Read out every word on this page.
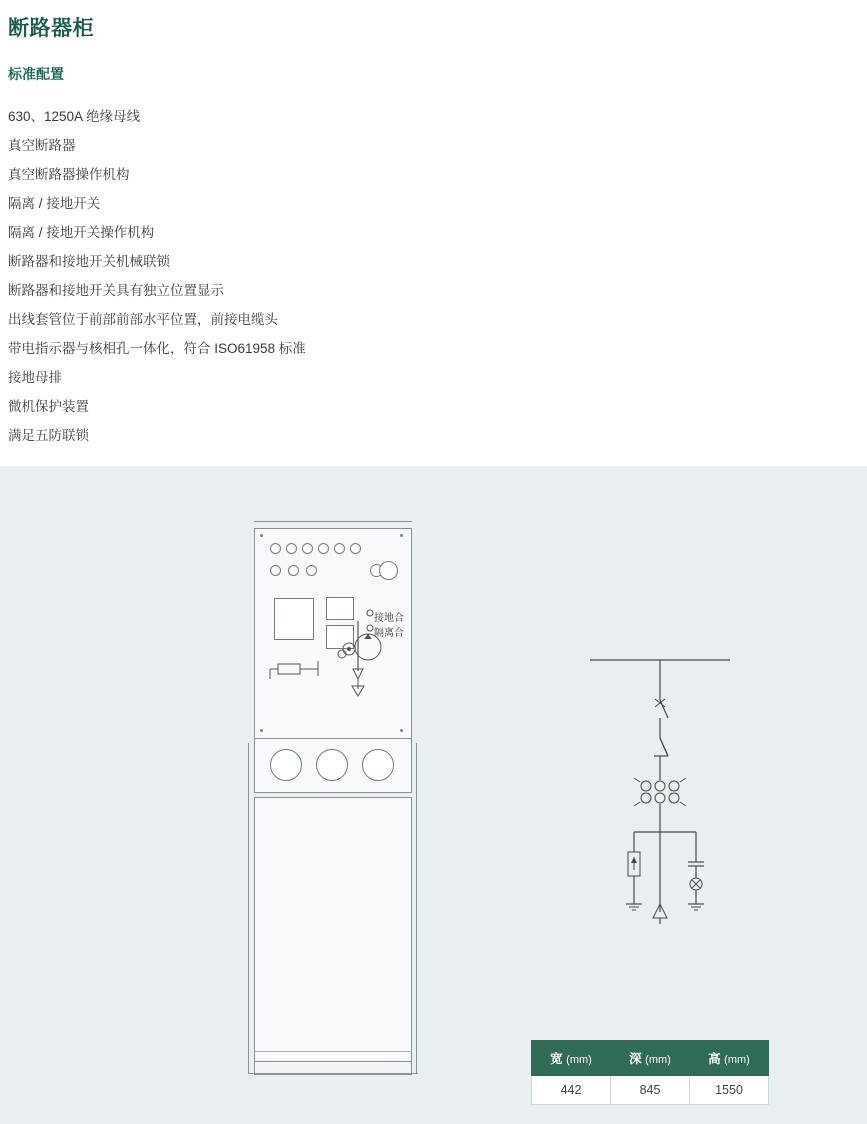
断路器柜
标准配置
630、1250A 绝缘母线
真空断路器
真空断路器操作机构
隔离 / 接地开关
隔离 / 接地开关操作机构
断路器和接地开关机械联锁
断路器和接地开关具有独立位置显示
出线套管位于前部前部水平位置，前接电缆头
带电指示器与核相孔一体化，符合 ISO61958 标准
接地母排
微机保护装置
满足五防联锁
接地合
隔离合
宽 (mm)	深 (mm)	高 (mm)
442	845	1550
